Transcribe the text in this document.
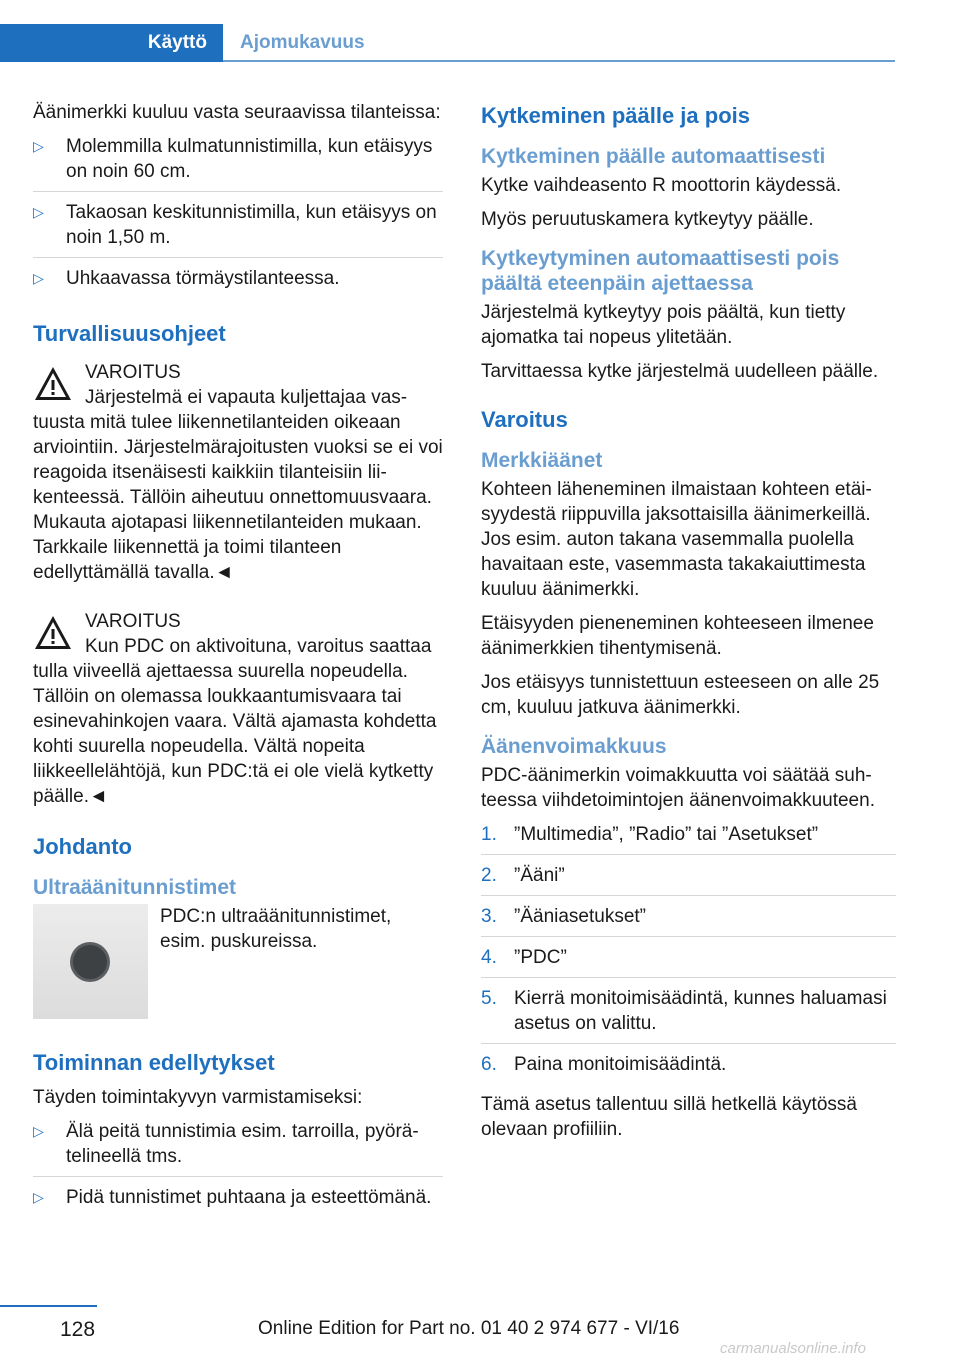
Käyttö	Ajomukavuus

Äänimerkki kuuluu vasta seuraavissa tilanteissa:

▷ Molemmilla kulmatunnistimilla, kun etäisyys on noin 60 cm.
▷ Takaosan keskitunnistimilla, kun etäisyys on noin 1,50 m.
▷ Uhkaavassa törmäystilanteessa.
Turvallisuusohjeet
VAROITUS
Järjestelmä ei vapauta kuljettajaa vastuusta mitä tulee liikennetilanteiden oikeaan arviointiin. Järjestelmärajoitusten vuoksi se ei voi reagoida itsenäisesti kaikkiin tilanteisiin liikenteessä. Tällöin aiheutuu onnettomuusvaara. Mukauta ajotapasi liikennetilanteiden mukaan. Tarkkaile liikennettä ja toimi tilanteen edellyttämällä tavalla.◄
VAROITUS
Kun PDC on aktivoituna, varoitus saattaa tulla viiveellä ajettaessa suurella nopeudella. Tällöin on olemassa loukkaantumisvaara tai esinevahinkojen vaara. Vältä ajamasta kohdetta kohti suurella nopeudella. Vältä nopeita liikkeellelähtöjä, kun PDC:tä ei ole vielä kytketty päälle.◄
Johdanto
Ultraäänitunnistimet
PDC:n ultraäänitunnistimet, esim. puskureissa.
Toiminnan edellytykset

Täyden toimintakyvyn varmistamiseksi:

▷ Älä peitä tunnistimia esim. tarroilla, pyörätelineellä tms.
▷ Pidä tunnistimet puhtaana ja esteettömänä.
Kytkeminen päälle ja pois
Kytkeminen päälle automaattisesti

Kytke vaihdeasento R moottorin käydessä.

Myös peruutuskamera kytkeytyy päälle.

Kytkeytyminen automaattisesti pois päältä eteenpäin ajettaessa

Järjestelmä kytkeytyy pois päältä, kun tietty ajomatka tai nopeus ylitetään.

Tarvittaessa kytke järjestelmä uudelleen päälle.

Varoitus
Merkkiäänet

Kohteen läheneminen ilmaistaan kohteen etäisyydestä riippuvilla jaksottaisilla äänimerkeillä. Jos esim. auton takana vasemmalla puolella havaitaan este, vasemmasta takakaiuttimesta kuuluu äänimerkki.

Etäisyyden pieneneminen kohteeseen ilmenee äänimerkkien tihentymisenä.

Jos etäisyys tunnistettuun esteeseen on alle 25 cm, kuuluu jatkuva äänimerkki.

Äänenvoimakkuus

PDC-äänimerkin voimakkuutta voi säätää suhteessa viihdetoimintojen äänenvoimakkuuteen.

1. ”Multimedia”, ”Radio” tai ”Asetukset”
2. ”Ääni”
3. ”Ääniasetukset”
4. ”PDC”
5. Kierrä monitoimisäädintä, kunnes haluamasi asetus on valittu.
6. Paina monitoimisäädintä.

Tämä asetus tallentuu sillä hetkellä käytössä olevaan profiiliin.

128	Online Edition for Part no. 01 40 2 974 677 - VI/16
carmanualsonline.info
